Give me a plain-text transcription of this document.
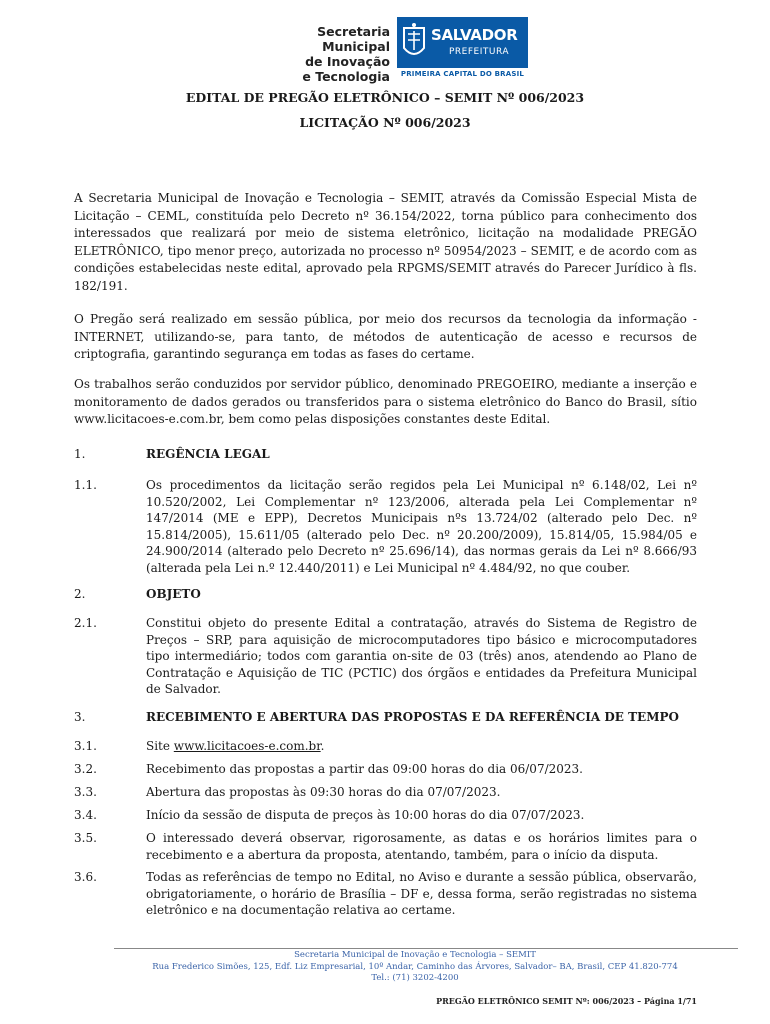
Secretaria Municipal
de Inovação
e Tecnologia
SALVADOR
PREFEITURA
PRIMEIRA CAPITAL DO BRASIL
EDITAL DE PREGÃO ELETRÔNICO – SEMIT Nº 006/2023
LICITAÇÃO Nº 006/2023

A Secretaria Municipal de Inovação e Tecnologia – SEMIT, através da Comissão Especial Mista de Licitação – CEML, constituída pelo Decreto nº 36.154/2022, torna público para conhecimento dos interessados que realizará por meio de sistema eletrônico, licitação na modalidade PREGÃO ELETRÔNICO, tipo menor preço, autorizada no processo nº 50954/2023 – SEMIT, e de acordo com as condições estabelecidas neste edital, aprovado pela RPGMS/SEMIT através do Parecer Jurídico à fls. 182/191.

O Pregão será realizado em sessão pública, por meio dos recursos da tecnologia da informação - INTERNET, utilizando-se, para tanto, de métodos de autenticação de acesso e recursos de criptografia, garantindo segurança em todas as fases do certame.

Os trabalhos serão conduzidos por servidor público, denominado PREGOEIRO, mediante a inserção e monitoramento de dados gerados ou transferidos para o sistema eletrônico do Banco do Brasil, sítio www.licitacoes-e.com.br, bem como pelas disposições constantes deste Edital.

1.	REGÊNCIA LEGAL
1.1.	Os procedimentos da licitação serão regidos pela Lei Municipal nº 6.148/02, Lei nº 10.520/2002, Lei Complementar nº 123/2006, alterada pela Lei Complementar nº 147/2014 (ME e EPP), Decretos Municipais nºs 13.724/02 (alterado pelo Dec. nº 15.814/2005), 15.611/05 (alterado pelo Dec. nº 20.200/2009), 15.814/05, 15.984/05 e 24.900/2014 (alterado pelo Decreto nº 25.696/14), das normas gerais da Lei nº 8.666/93 (alterada pela Lei n.º 12.440/2011) e Lei Municipal nº 4.484/92, no que couber.

2.	OBJETO
2.1.	Constitui objeto do presente Edital a contratação, através do Sistema de Registro de Preços – SRP, para aquisição de microcomputadores tipo básico e microcomputadores tipo intermediário; todos com garantia on-site de 03 (três) anos, atendendo ao Plano de Contratação e Aquisição de TIC (PCTIC) dos órgãos e entidades da Prefeitura Municipal de Salvador.

3.	RECEBIMENTO E ABERTURA DAS PROPOSTAS E DA REFERÊNCIA DE TEMPO
3.1.	Site www.licitacoes-e.com.br.

3.2.	Recebimento das propostas a partir das 09:00 horas do dia 06/07/2023.

3.3.	Abertura das propostas às 09:30 horas do dia 07/07/2023.

3.4.	Início da sessão de disputa de preços às 10:00 horas do dia 07/07/2023.

3.5.	O interessado deverá observar, rigorosamente, as datas e os horários limites para o recebimento e a abertura da proposta, atentando, também, para o início da disputa.

3.6.	Todas as referências de tempo no Edital, no Aviso e durante a sessão pública, observarão, obrigatoriamente, o horário de Brasília – DF e, dessa forma, serão registradas no sistema eletrônico e na documentação relativa ao certame.

Secretaria Municipal de Inovação e Tecnologia – SEMIT
Rua Frederico Simões, 125, Edf. Liz Empresarial, 10º Andar, Caminho das Árvores, Salvador– BA, Brasil, CEP 41.820-774
Tel.: (71) 3202-4200
PREGÃO ELETRÔNICO SEMIT Nº: 006/2023 – Página 1/71
